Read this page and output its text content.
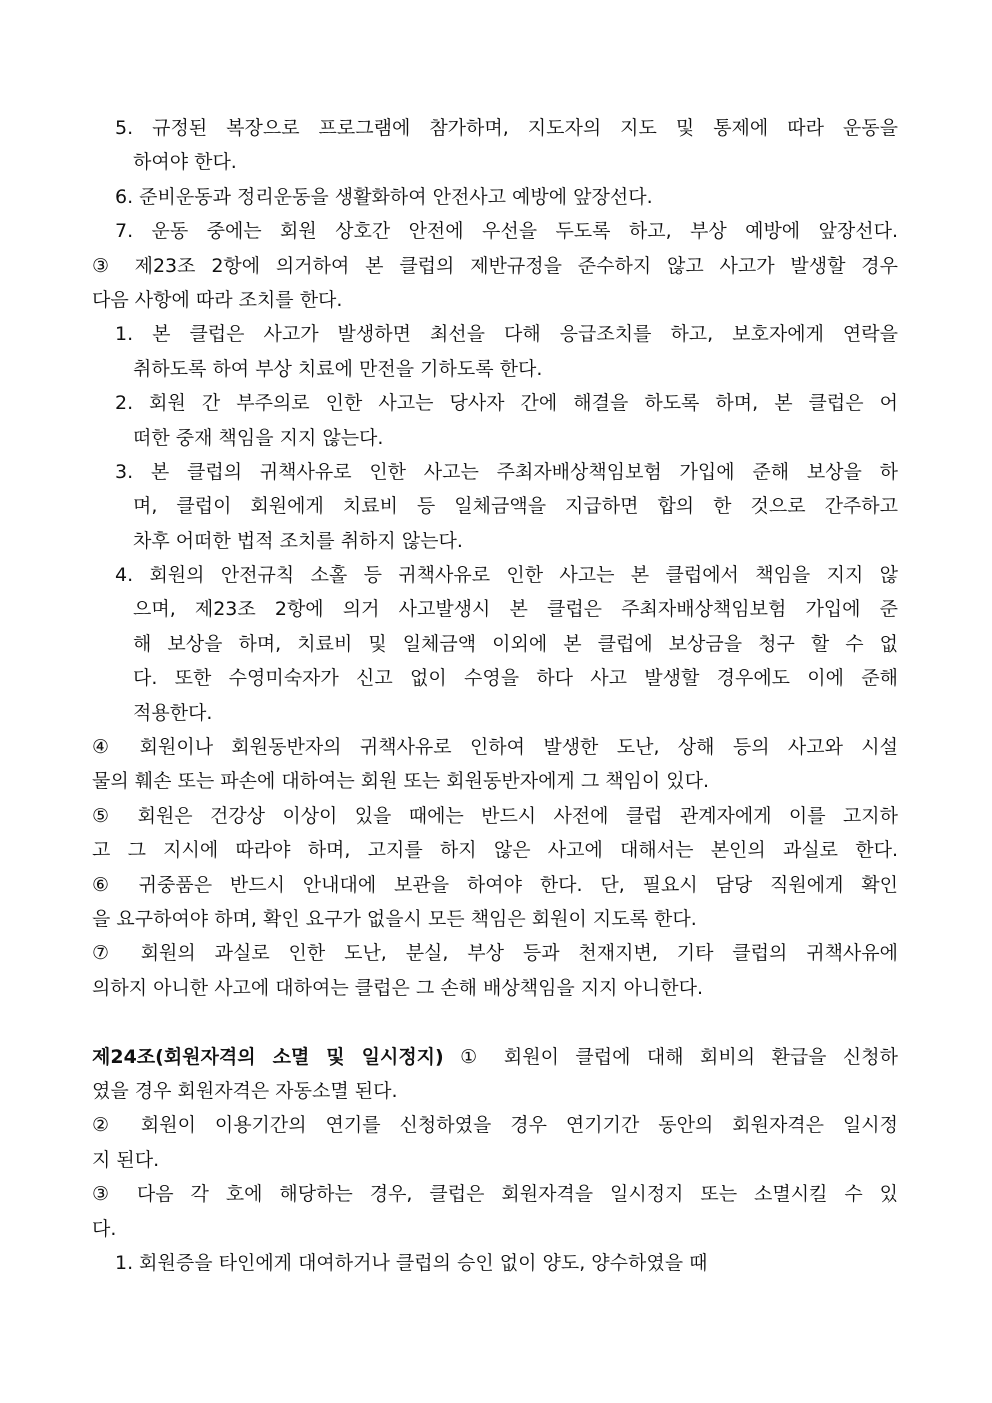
5. 규정된 복장으로 프로그램에 참가하며, 지도자의 지도 및 통제에 따라 운동을
하여야 한다.
6. 준비운동과 정리운동을 생활화하여 안전사고 예방에 앞장선다.
7. 운동 중에는 회원 상호간 안전에 우선을 두도록 하고, 부상 예방에 앞장선다.
③ 제23조 2항에 의거하여 본 클럽의 제반규정을 준수하지 않고 사고가 발생할 경우
다음 사항에 따라 조치를 한다.
1. 본 클럽은 사고가 발생하면 최선을 다해 응급조치를 하고, 보호자에게 연락을
취하도록 하여 부상 치료에 만전을 기하도록 한다.
2. 회원 간 부주의로 인한 사고는 당사자 간에 해결을 하도록 하며, 본 클럽은 어
떠한 중재 책임을 지지 않는다.
3. 본 클럽의 귀책사유로 인한 사고는 주최자배상책임보험 가입에 준해 보상을 하
며, 클럽이 회원에게 치료비 등 일체금액을 지급하면 합의 한 것으로 간주하고
차후 어떠한 법적 조치를 취하지 않는다.
4. 회원의 안전규칙 소홀 등 귀책사유로 인한 사고는 본 클럽에서 책임을 지지 않
으며, 제23조 2항에 의거 사고발생시 본 클럽은 주최자배상책임보험 가입에 준
해 보상을 하며, 치료비 및 일체금액 이외에 본 클럽에 보상금을 청구 할 수 없
다. 또한 수영미숙자가 신고 없이 수영을 하다 사고 발생할 경우에도 이에 준해
적용한다.
④ 회원이나 회원동반자의 귀책사유로 인하여 발생한 도난, 상해 등의 사고와 시설
물의 훼손 또는 파손에 대하여는 회원 또는 회원동반자에게 그 책임이 있다.
⑤ 회원은 건강상 이상이 있을 때에는 반드시 사전에 클럽 관계자에게 이를 고지하
고 그 지시에 따라야 하며, 고지를 하지 않은 사고에 대해서는 본인의 과실로 한다.
⑥ 귀중품은 반드시 안내대에 보관을 하여야 한다. 단, 필요시 담당 직원에게 확인
을 요구하여야 하며, 확인 요구가 없을시 모든 책임은 회원이 지도록 한다.
⑦ 회원의 과실로 인한 도난, 분실, 부상 등과 천재지변, 기타 클럽의 귀책사유에
의하지 아니한 사고에 대하여는 클럽은 그 손해 배상책임을 지지 아니한다.
제24조(회원자격의 소멸 및 일시정지) ① 회원이 클럽에 대해 회비의 환급을 신청하
였을 경우 회원자격은 자동소멸 된다.
② 회원이 이용기간의 연기를 신청하였을 경우 연기기간 동안의 회원자격은 일시정
지 된다.
③ 다음 각 호에 해당하는 경우, 클럽은 회원자격을 일시정지 또는 소멸시킬 수 있
다.
1. 회원증을 타인에게 대여하거나 클럽의 승인 없이 양도, 양수하였을 때
